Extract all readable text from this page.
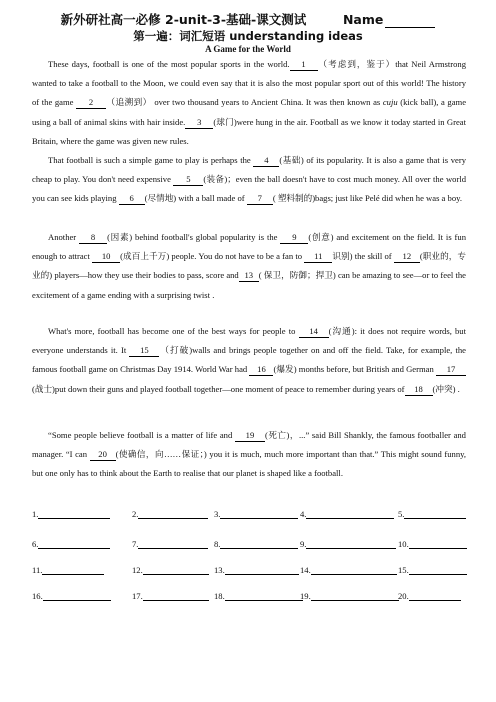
新外研社高一必修 2-unit-3-基础-课文测试	Name
第一遍：词汇短语 understanding ideas
A Game for the World

These days, football is one of the most popular sports in the world. 1 （考虑到，鉴于）that Neil Armstrong wanted to take a football to the Moon, we could even say that it is also the most popular sport out of this world! The history of the game 2 （追溯到） over two thousand years to Ancient China. It was then known as cuju (kick ball), a game using a ball of animal skins with hair inside. 3 (球门)were hung in the air. Football as we know it today started in Great Britain, where the game was given new rules.

That football is such a simple game to play is perhaps the 4 (基础) of its popularity. It is also a game that is very cheap to play. You don't need expensive 5 (装备)；even the ball doesn't have to cost much money. All over the world you can see kids playing 6 (尽情地) with a ball made of 7 ( 塑料制的)bags; just like Pelé did when he was a boy.

Another 8 (因素) behind football's global popularity is the 9 (创意) and excitement on the field. It is fun enough to attract 10 (成百上千万) people. You do not have to be a fan to 11 识别) the skill of 12 (职业的，专业的) players—how they use their bodies to pass, score and 13 ( 保卫，防御；捍卫) can be amazing to see—or to feel the excitement of a game ending with a surprising twist .

What's more, football has become one of the best ways for people to 14 (沟通): it does not require words, but everyone understands it. It 15 （打破)walls and brings people together on and off the field. Take, for example, the famous football game on Christmas Day 1914. World War had 16 (爆发) months before, but British and German 17(战士)put down their guns and played football together—one moment of peace to remember during years of 18 (冲突) .

“Some people believe football is a matter of life and 19 (死亡)，...” said Bill Shankly, the famous footballer and manager. “I can 20 (使确信，向……保证；) you it is much, much more important than that.” This might sound funny, but one only has to think about the Earth to realise that our planet is shaped like a football.

1.	2.	3.	4.	5.
6.	7.	8.	9.	10.
11.	12.	13.	14.	15.
16.	17.	18.	19.	20.
